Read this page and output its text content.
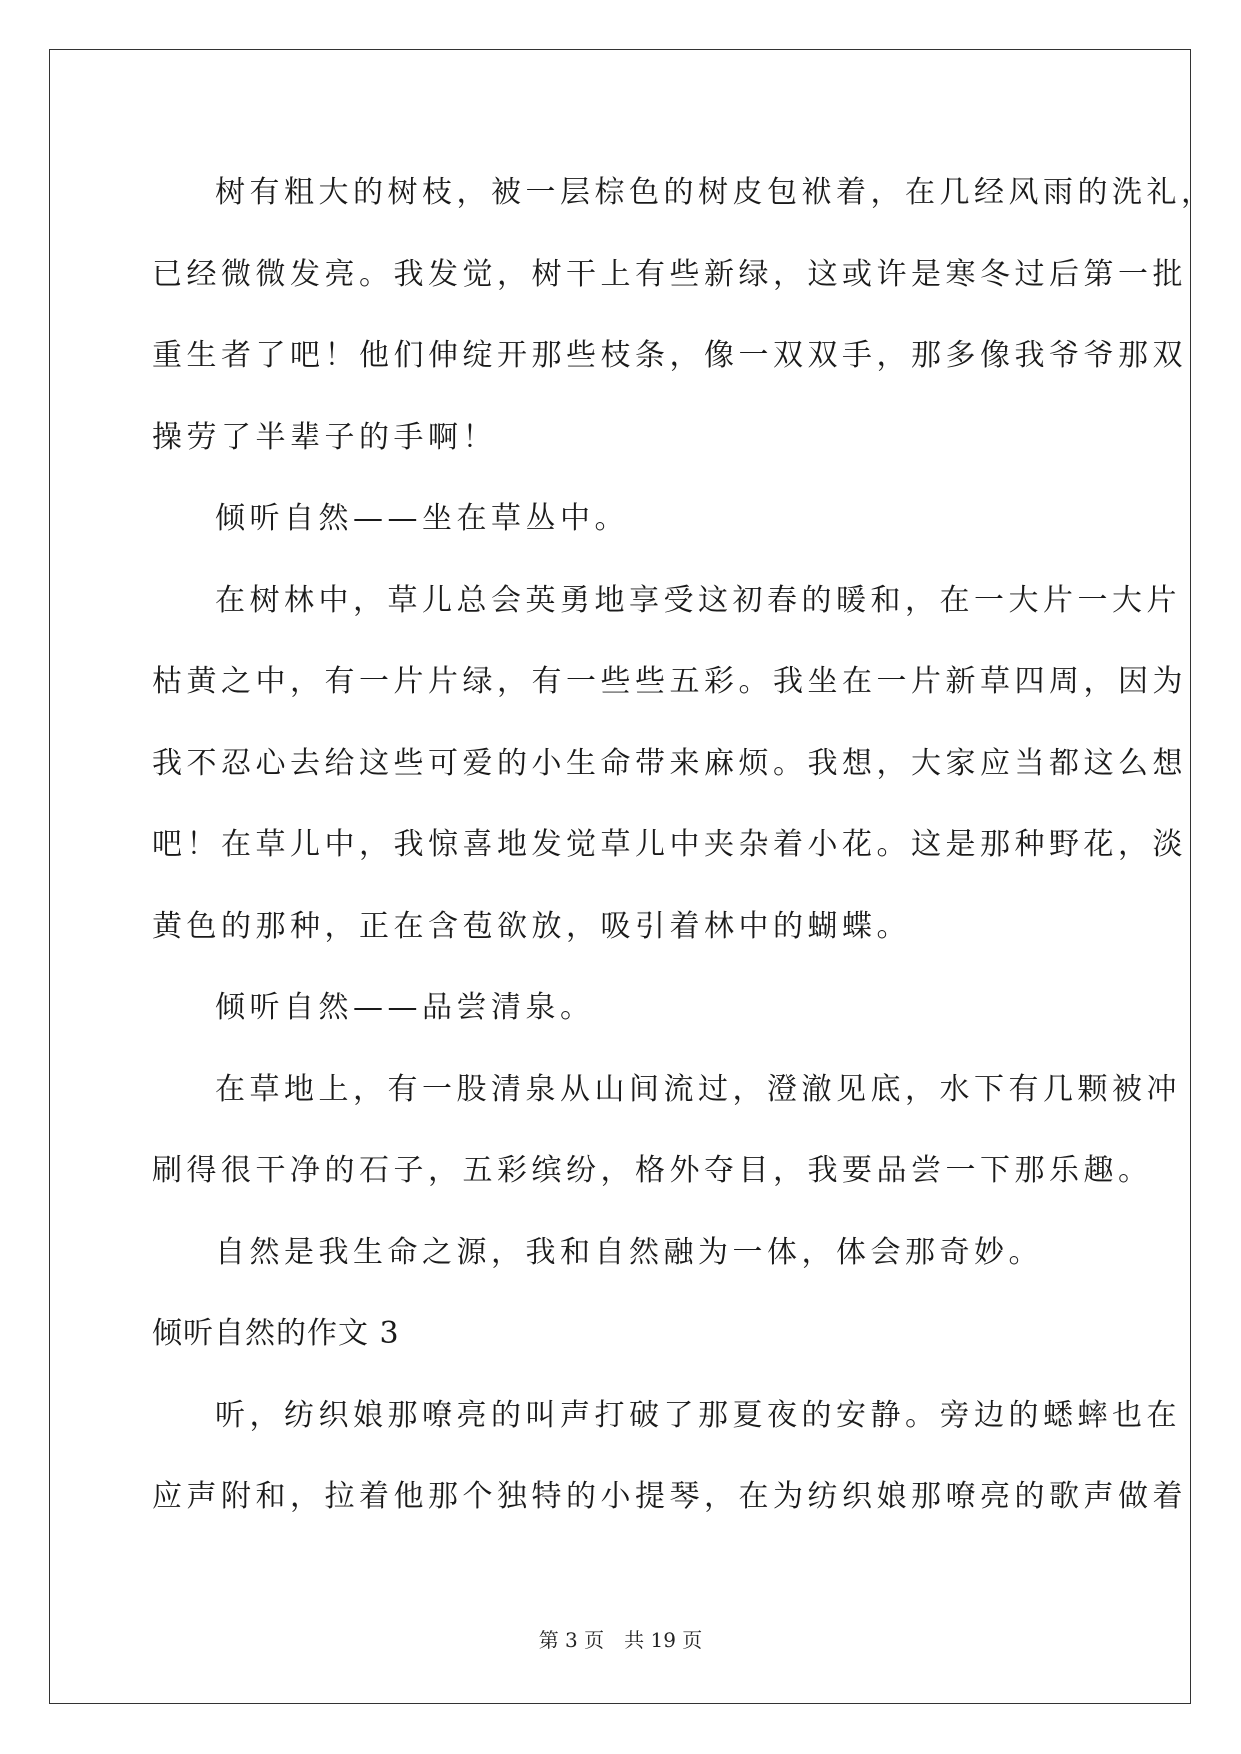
树有粗大的树枝，被一层棕色的树皮包袱着，在几经风雨的洗礼，
已经微微发亮。我发觉，树干上有些新绿，这或许是寒冬过后第一批
重生者了吧！他们伸绽开那些枝条，像一双双手，那多像我爷爷那双
操劳了半辈子的手啊！
倾听自然——坐在草丛中。
在树林中，草儿总会英勇地享受这初春的暖和，在一大片一大片
枯黄之中，有一片片绿，有一些些五彩。我坐在一片新草四周，因为
我不忍心去给这些可爱的小生命带来麻烦。我想，大家应当都这么想
吧！在草儿中，我惊喜地发觉草儿中夹杂着小花。这是那种野花，淡
黄色的那种，正在含苞欲放，吸引着林中的蝴蝶。
倾听自然——品尝清泉。
在草地上，有一股清泉从山间流过，澄澈见底，水下有几颗被冲
刷得很干净的石子，五彩缤纷，格外夺目，我要品尝一下那乐趣。
自然是我生命之源，我和自然融为一体，体会那奇妙。
倾听自然的作文 3
听，纺织娘那嘹亮的叫声打破了那夏夜的安静。旁边的蟋蟀也在
应声附和，拉着他那个独特的小提琴，在为纺织娘那嘹亮的歌声做着
第 3 页 共 19 页
